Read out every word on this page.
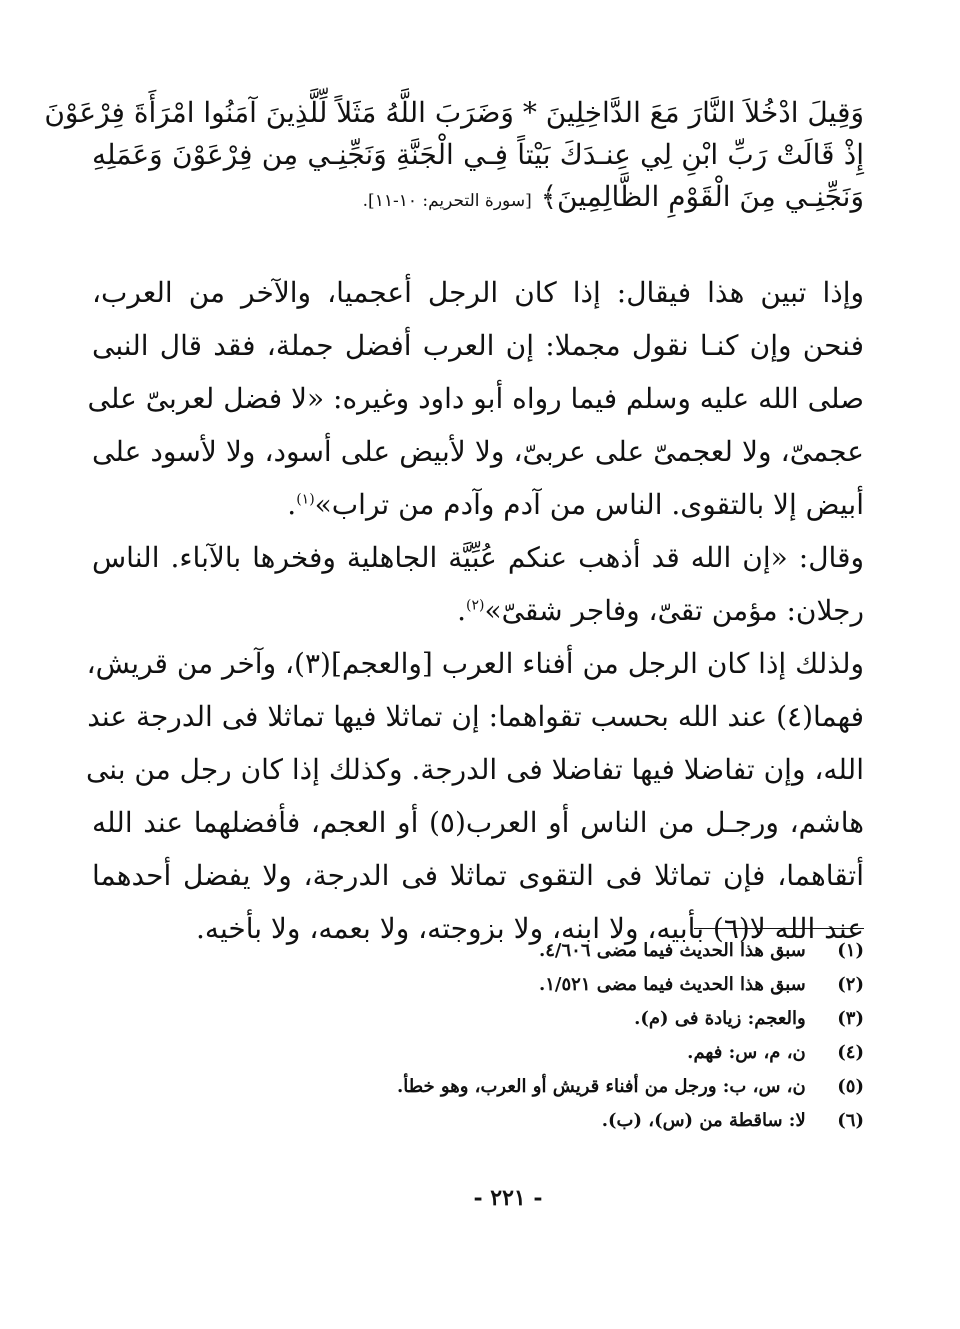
وَقِيلَ ادْخُلاَ النَّارَ مَعَ الدَّاخِلِينَ * وَضَرَبَ اللَّهُ مَثَلاً لِّلَّذِينَ آمَنُوا امْرَأَةَ فِرْعَوْنَ
إِذْ قَالَتْ رَبِّ ابْنِ لِي عِنـدَكَ بَيْتاً فِـي الْجَنَّةِ وَنَجِّنِـي مِن فِرْعَوْنَ وَعَمَلِهِ
وَنَجِّنِـي مِنَ الْقَوْمِ الظَّالِمِينَ﴾ [سورة التحريم: ١٠-١١].
وإذا تبين هذا فيقال: إذا كان الرجل أعجميا، والآخر من العرب،
فنحن وإن كنـا نقول مجملا: إن العرب أفضل جملة، فقد قال النبى
صلى الله عليه وسلم فيما رواه أبو داود وغيره: «لا فضل لعربىّ على
عجمىّ، ولا لعجمىّ على عربىّ، ولا لأبيض على أسود، ولا لأسود على
أبيض إلا بالتقوى. الناس من آدم وآدم من تراب»$^{(١)}$.
وقال: «إن الله قد أذهب عنكم عُبِّيَّة الجاهلية وفخرها بالآباء. الناس
رجلان: مؤمن تقىّ، وفاجر شقىّ»$^{(٢)}$.
ولذلك إذا كان الرجل من أفناء العرب [والعجم](٣)، وآخر من قريش،
فهما(٤) عند الله بحسب تقواهما: إن تماثلا فيها تماثلا فى الدرجة عند
الله، وإن تفاضلا فيها تفاضلا فى الدرجة. وكذلك إذا كان رجل من بنى
هاشم، ورجـل من الناس أو العرب(٥) أو العجم، فأفضلهما عند الله
أتقاهما، فإن تماثلا فى التقوى تماثلا فى الدرجة، ولا يفضل أحدهما
عند الله لا(٦) بأبيه، ولا ابنه، ولا بزوجته، ولا بعمه، ولا بأخيه.
(١) سبق هذا الحديث فيما مضى ٤/٦٠٦.
(٢) سبق هذا الحديث فيما مضى ١/٥٢١.
(٣) والعجم: زيادة فى (م).
(٤) ن، م، س: فهم.
(٥) ن، س، ب: ورجل من أفناء قريش أو العرب، وهو خطأ.
(٦) لا: ساقطة من (س)، (ب).
- ٢٢١ -
